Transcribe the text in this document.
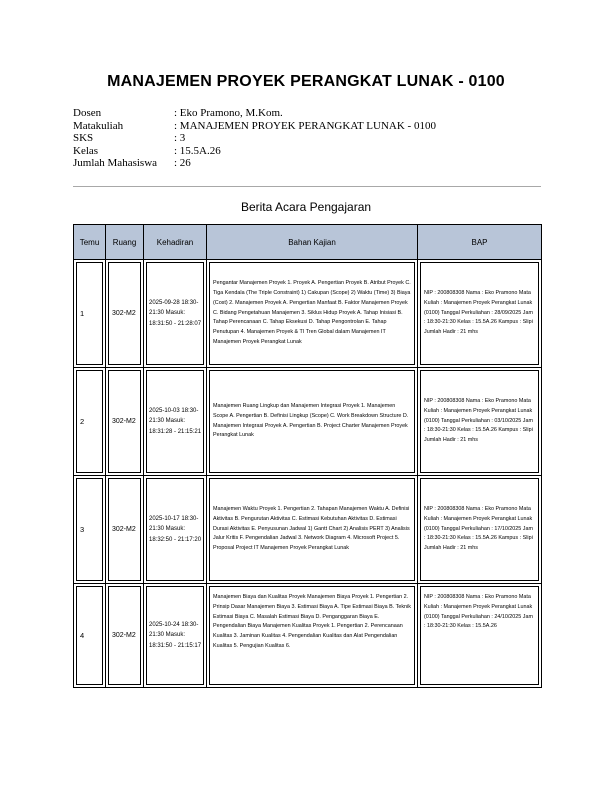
MANAJEMEN PROYEK PERANGKAT LUNAK - 0100
Dosen	: Eko Pramono, M.Kom.
Matakuliah	: MANAJEMEN PROYEK PERANGKAT LUNAK - 0100
SKS	: 3
Kelas	: 15.5A.26
Jumlah Mahasiswa	: 26
Berita Acara Pengajaran
Temu	Ruang	Kehadiran	Bahan Kajian	BAP

1	302-M2	2025-09-28 18:30-21:30 Masuk: 18:31:50 - 21:28:07	Pengantar Manajemen Proyek 1. Proyek A. Pengertian Proyek B. Atribut Proyek C. Tiga Kendala (The Triple Constraint) 1) Cakupan (Scope) 2) Waktu (Time) 3) Biaya (Cost) 2. Manajemen Proyek A. Pengertian Manfaat B. Faktor Manajemen Proyek C. Bidang Pengetahuan Manajemen 3. Siklus Hidup Proyek A. Tahap Inisiasi B. Tahap Perencanaan C. Tahap Eksekusi D. Tahap Pengontrolan E. Tahap Penutupan 4. Manajemen Proyek & TI Tren Global dalam Manajemen IT Manajemen Proyek Perangkat Lunak	NIP : 200808308 Nama : Eko Pramono Mata Kuliah : Manajemen Proyek Perangkat Lunak (0100) Tanggal Perkuliahan : 28/09/2025 Jam : 18:30-21:30 Kelas : 15.5A.26 Kampus : Slipi Jumlah Hadir : 21 mhs

2	302-M2	2025-10-03 18:30-21:30 Masuk: 18:31:28 - 21:15:21	Manajemen Ruang Lingkup dan Manajemen Integrasi Proyek 1. Manajemen Scope A. Pengertian B. Definisi Lingkup (Scope) C. Work Breakdown Structure D. Manajemen Integrasi Proyek A. Pengertian B. Project Charter Manajemen Proyek Perangkat Lunak	NIP : 200808308 Nama : Eko Pramono Mata Kuliah : Manajemen Proyek Perangkat Lunak (0100) Tanggal Perkuliahan : 03/10/2025 Jam : 18:30-21:30 Kelas : 15.5A.26 Kampus : Slipi Jumlah Hadir : 21 mhs

3	302-M2	2025-10-17 18:30-21:30 Masuk: 18:32:50 - 21:17:20	Manajemen Waktu Proyek 1. Pengertian 2. Tahapan Manajemen Waktu A. Definisi Aktivitas B. Pengurutan Aktivitas C. Estimasi Kebutuhan Aktivitas D. Estimasi Durasi Aktivitas E. Penyusunan Jadwal 1) Gantt Chart 2) Analisis PERT 3) Analisis Jalur Kritis F. Pengendalian Jadwal 3. Network Diagram 4. Microsoft Project 5. Proposal Project IT Manajemen Proyek Perangkat Lunak	NIP : 200808308 Nama : Eko Pramono Mata Kuliah : Manajemen Proyek Perangkat Lunak (0100) Tanggal Perkuliahan : 17/10/2025 Jam : 18:30-21:30 Kelas : 15.5A.26 Kampus : Slipi Jumlah Hadir : 21 mhs

4	302-M2	2025-10-24 18:30-21:30 Masuk: 18:31:50 - 21:15:17	Manajemen Biaya dan Kualitas Proyek Manajemen Biaya Proyek 1. Pengertian 2. Prinsip Dasar Manajemen Biaya 3. Estimasi Biaya A. Tipe Estimasi Biaya B. Teknik Estimasi Biaya C. Masalah Estimasi Biaya D. Penganggaran Biaya E. Pengendalian Biaya Manajemen Kualitas Proyek 1. Pengertian 2. Perencanaan Kualitas 3. Jaminan Kualitas 4. Pengendalian Kualitas dan Alat Pengendalian Kualitas 5. Pengujian Kualitas 6.	NIP : 200808308 Nama : Eko Pramono Mata Kuliah : Manajemen Proyek Perangkat Lunak (0100) Tanggal Perkuliahan : 24/10/2025 Jam : 18:30-21:30 Kelas : 15.5A.26
